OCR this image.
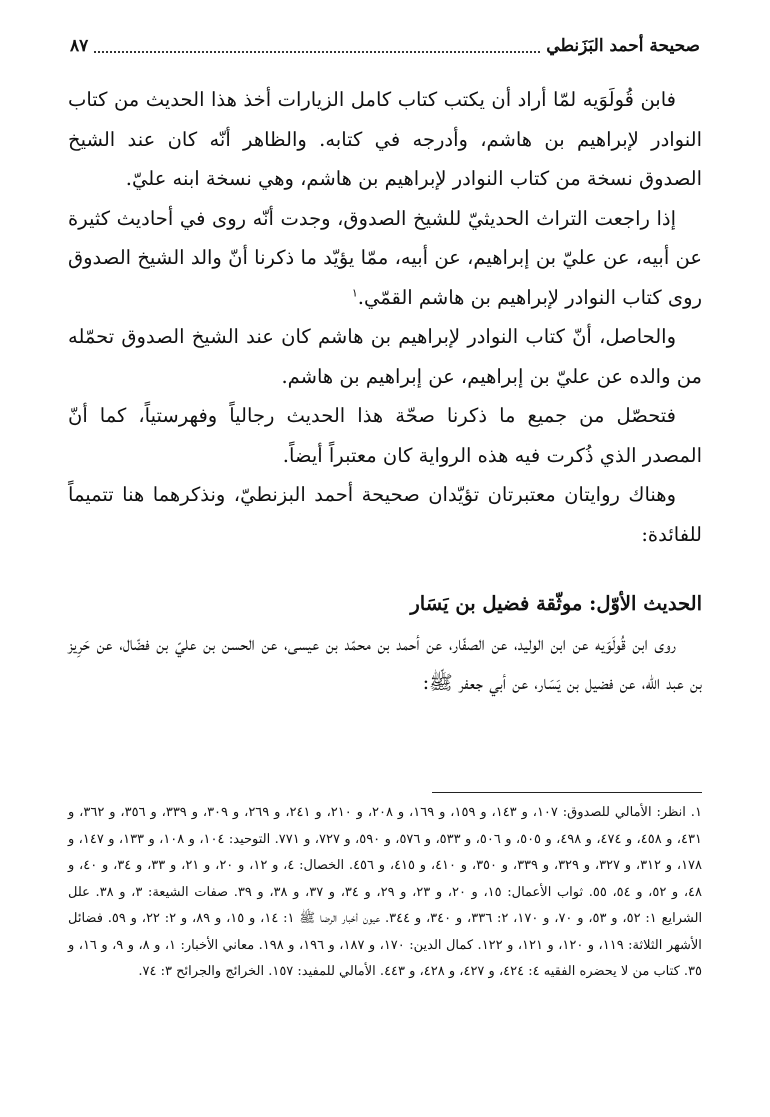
صحيحة أحمد البَزَنطي
٨٧

فابن قُولَوَيه لمّا أراد أن يكتب كتاب كامل الزيارات أخذ هذا الحديث من كتاب النوادر لإبراهيم بن هاشم، وأدرجه في كتابه. والظاهر أنّه كان عند الشيخ الصدوق نسخة من كتاب النوادر لإبراهيم بن هاشم، وهي نسخة ابنه عليّ.

إذا راجعت التراث الحديثيّ للشيخ الصدوق، وجدت أنّه روى في أحاديث كثيرة عن أبيه، عن عليّ بن إبراهيم، عن أبيه، ممّا يؤيّد ما ذكرنا أنّ والد الشيخ الصدوق روى كتاب النوادر لإبراهيم بن هاشم القمّي.$^١$

والحاصل، أنّ كتاب النوادر لإبراهيم بن هاشم كان عند الشيخ الصدوق تحمّله من والده عن عليّ بن إبراهيم، عن إبراهيم بن هاشم.

فتحصّل من جميع ما ذكرنا صحّة هذا الحديث رجالياً وفهرستياً، كما أنّ المصدر الذي ذُكرت فيه هذه الرواية كان معتبراً أيضاً.

وهناك روايتان معتبرتان تؤيّدان صحيحة أحمد البزنطيّ، ونذكرهما هنا تتميماً للفائدة:

الحديث الأوّل: موثّقة فضيل بن يَسَار

روى ابن قُولَوَيه عن ابن الوليد، عن الصفّار، عن أحمد بن محمّد بن عيسى، عن الحسن بن عليّ بن فضّال، عن حَرِيز بن عبد الله، عن فضيل بن يَسَار، عن أبي جعفر ﷺ:

١. انظر: الأمالي للصدوق: ١٠٧، و ١٤٣، و ١٥٩، و ١٦٩، و ٢٠٨، و ٢١٠، و ٢٤١، و ٢٦٩، و ٣٠٩، و ٣٣٩، و ٣٥٦، و ٣٦٢، و ٤٣١، و ٤٥٨، و ٤٧٤، و ٤٩٨، و ٥٠٥، و ٥٠٦، و ٥٣٣، و ٥٧٦، و ٥٩٠، و ٧٢٧، و ٧٧١. التوحيد: ١٠٤، و ١٠٨، و ١٣٣، و ١٤٧، و ١٧٨، و ٣١٢، و ٣٢٧، و ٣٢٩، و ٣٣٩، و ٣٥٠، و ٤١٠، و ٤١٥، و ٤٥٦. الخصال: ٤، و ١٢، و ٢٠، و ٢١، و ٣٣، و ٣٤، و ٤٠، و ٤٨، و ٥٢، و ٥٤، ٥٥. ثواب الأعمال: ١٥، و ٢٠، و ٢٣، و ٢٩، و ٣٤، و ٣٧، و ٣٨، و ٣٩. صفات الشيعة: ٣، و ٣٨. علل الشرايع ١: ٥٢، و ٥٣، و ٧٠، و ١٧٠، ٢: ٣٣٦، و ٣٤٠، و ٣٤٤. عيون أخبار الرضا ﷺ ١: ١٤، و ١٥، و ٨٩، و ٢: ٢٢، و ٥٩. فضائل الأشهر الثلاثة: ١١٩، و ١٢٠، و ١٢١، و ١٢٢. كمال الدين: ١٧٠، و ١٨٧، و ١٩٦، و ١٩٨. معاني الأخبار: ١، و ٨، و ٩، و ١٦، و ٣٥. كتاب من لا يحضره الفقيه ٤: ٤٢٤، و ٤٢٧، و ٤٢٨، و ٤٤٣. الأمالي للمفيد: ١٥٧. الخرائج والجرائح ٣: ٧٤.
